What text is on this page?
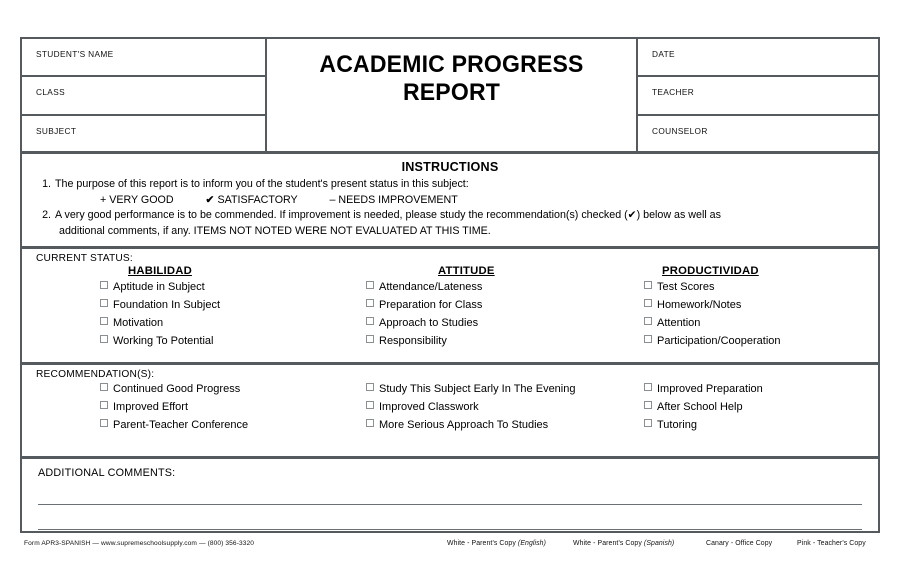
STUDENT'S NAME
CLASS
SUBJECT
ACADEMIC PROGRESS
REPORT
DATE
TEACHER
COUNSELOR
INSTRUCTIONS
1. The purpose of this report is to inform you of the student's present status in this subject:
+ VERY GOOD	✔ SATISFACTORY	– NEEDS IMPROVEMENT
2. A very good performance is to be commended. If improvement is needed, please study the recommendation(s) checked (✔) below as well as
additional comments, if any. ITEMS NOT NOTED WERE NOT EVALUATED AT THIS TIME.
CURRENT STATUS:
HABILIDAD
Aptitude in Subject
Foundation In Subject
Motivation
Working To Potential
ATTITUDE
Attendance/Lateness
Preparation for Class
Approach to Studies
Responsibility
PRODUCTIVIDAD
Test Scores
Homework/Notes
Attention
Participation/Cooperation
RECOMMENDATION(S):
Continued Good Progress
Improved Effort
Parent-Teacher Conference
Study This Subject Early In The Evening
Improved Classwork
More Serious Approach To Studies
Improved Preparation
After School Help
Tutoring
ADDITIONAL COMMENTS:
Form APR3-SPANISH — www.supremeschoolsupply.com — (800) 356-3320	White - Parent's Copy (English)	White - Parent's Copy (Spanish)	Canary - Office Copy	Pink - Teacher's Copy
